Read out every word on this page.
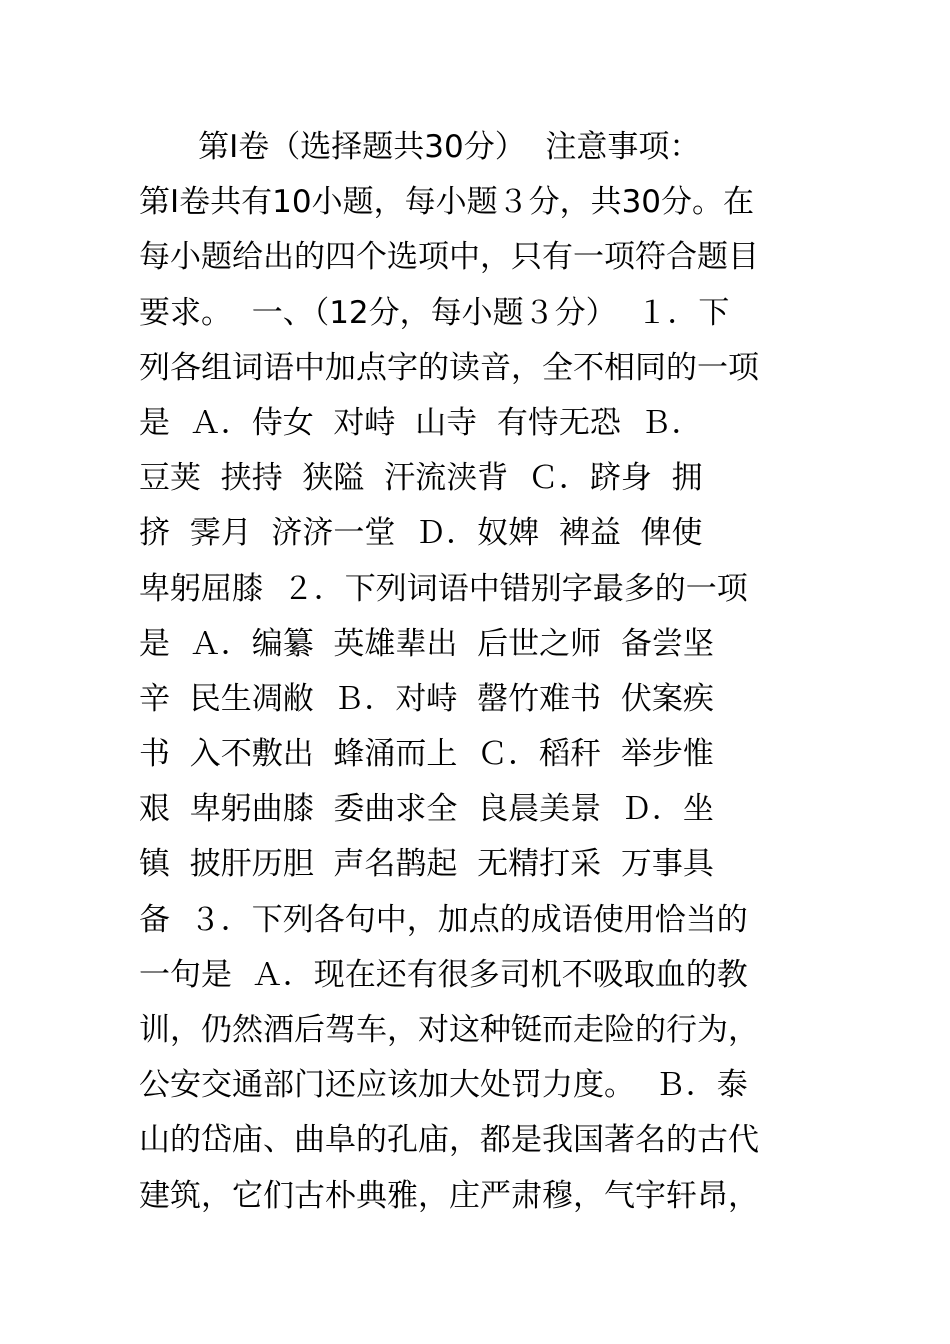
第Ⅰ卷（选择题共30分）  注意事项：
第Ⅰ卷共有10小题，每小题３分，共30分。在
每小题给出的四个选项中，只有一项符合题目
要求。  一、（12分，每小题３分）  １．下
列各组词语中加点字的读音，全不相同的一项
是  Ａ．侍女  对峙  山寺  有恃无恐  Ｂ．
豆荚  挟持  狭隘  汗流浃背  Ｃ．跻身  拥
挤  霁月  济济一堂  Ｄ．奴婢  裨益  俾使
卑躬屈膝  ２．下列词语中错别字最多的一项
是  Ａ．编纂  英雄辈出  后世之师  备尝坚
辛  民生凋敝  Ｂ．对峙  罄竹难书  伏案疾
书  入不敷出  蜂涌而上  Ｃ．稻秆  举步惟
艰  卑躬曲膝  委曲求全  良晨美景  Ｄ．坐
镇  披肝历胆  声名鹊起  无精打采  万事具
备  ３．下列各句中，加点的成语使用恰当的
一句是  Ａ．现在还有很多司机不吸取血的教
训，仍然酒后驾车，对这种铤而走险的行为，
公安交通部门还应该加大处罚力度。  Ｂ．泰
山的岱庙、曲阜的孔庙，都是我国著名的古代
建筑，它们古朴典雅，庄严肃穆，气宇轩昂，
